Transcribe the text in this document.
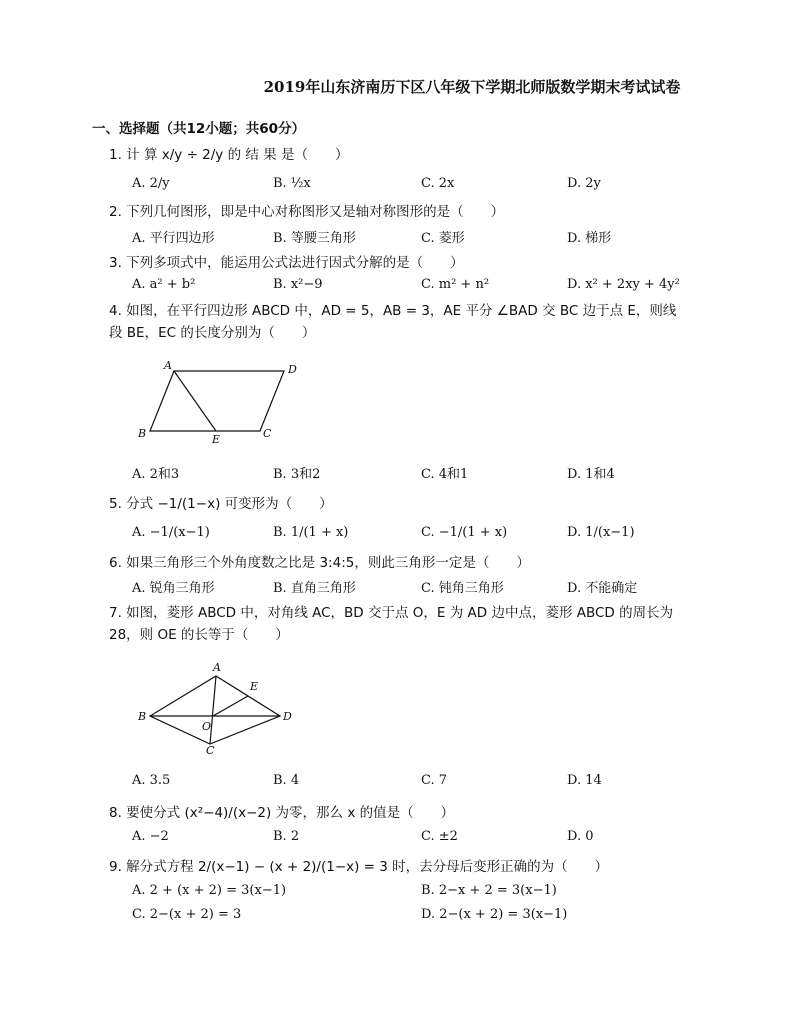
2019年山东济南历下区八年级下学期北师版数学期末考试试卷
一、选择题（共12小题；共60分）
1. 计 算 x/y ÷ 2/y 的 结 果 是（　　）
A. 2/y	B. ½x	C. 2x	D. 2y
2. 下列几何图形，即是中心对称图形又是轴对称图形的是（　　）
A. 平行四边形	B. 等腰三角形	C. 菱形	D. 梯形
3. 下列多项式中，能运用公式法进行因式分解的是（　　）
A. a² + b²	B. x²−9	C. m² + n²	D. x² + 2xy + 4y²
4. 如图，在平行四边形 ABCD 中，AD = 5，AB = 3，AE 平分 ∠BAD 交 BC 边于点 E，则线段 BE，EC 的长度分别为（　　）
A	D
B	E	C
A. 2和3	B. 3和2	C. 4和1	D. 1和4
5. 分式 −1/(1−x) 可变形为（　　）
A. −1/(x−1)	B. 1/(1 + x)	C. −1/(1 + x)	D. 1/(x−1)
6. 如果三角形三个外角度数之比是 3:4:5，则此三角形一定是（　　）
A. 锐角三角形	B. 直角三角形	C. 钝角三角形	D. 不能确定
7. 如图，菱形 ABCD 中，对角线 AC，BD 交于点 O，E 为 AD 边中点，菱形 ABCD 的周长为 28，则 OE 的长等于（　　）
A
E
B
O
D
C
A. 3.5	B. 4	C. 7	D. 14
8. 要使分式 (x²−4)/(x−2) 为零，那么 x 的值是（　　）
A. −2	B. 2	C. ±2	D. 0
9. 解分式方程 2/(x−1) − (x + 2)/(1−x) = 3 时，去分母后变形正确的为（　　）
A. 2 + (x + 2) = 3(x−1)	B. 2−x + 2 = 3(x−1)
C. 2−(x + 2) = 3	D. 2−(x + 2) = 3(x−1)
